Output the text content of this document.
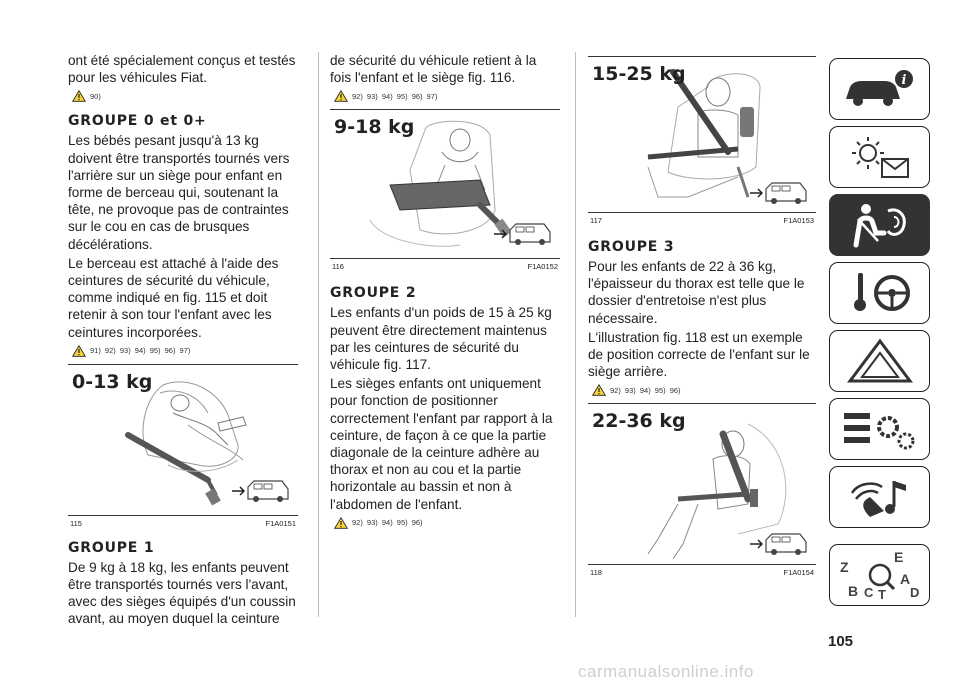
ont été spécialement conçus et testés pour les véhicules Fiat.

90)
GROUPE 0 et 0+

Les bébés pesant jusqu'à 13 kg doivent être transportés tournés vers l'arrière sur un siège pour enfant en forme de berceau qui, soutenant la tête, ne provoque pas de contraintes sur le cou en cas de brusques décélérations.

Le berceau est attaché à l'aide des ceintures de sécurité du véhicule, comme indiqué en fig. 115 et doit retenir à son tour l'enfant avec les ceintures incorporées.

91) 92) 93) 94) 95) 96) 97)
0-13 kg
115	F1A0151
GROUPE 1

De 9 kg à 18 kg, les enfants peuvent être transportés tournés vers l'avant, avec des sièges équipés d'un coussin avant, au moyen duquel la ceinture

de sécurité du véhicule retient à la fois l'enfant et le siège fig. 116.

92) 93) 94) 95) 96) 97)
9-18 kg
116	F1A0152
GROUPE 2

Les enfants d'un poids de 15 à 25 kg peuvent être directement maintenus par les ceintures de sécurité du véhicule fig. 117.

Les sièges enfants ont uniquement pour fonction de positionner correctement l'enfant par rapport à la ceinture, de façon à ce que la partie diagonale de la ceinture adhère au thorax et non au cou et la partie horizontale au bassin et non à l'abdomen de l'enfant.

92) 93) 94) 95) 96)
15-25 kg
117	F1A0153
GROUPE 3

Pour les enfants de 22 à 36 kg, l'épaisseur du thorax est telle que le dossier d'entretoise n'est plus nécessaire.

L'illustration fig. 118 est un exemple de position correcte de l'enfant sur le siège arrière.

92) 93) 94) 95) 96)
22-36 kg
118	F1A0154
i
Z
E
B
A
C T D
105
carmanualsonline.info
